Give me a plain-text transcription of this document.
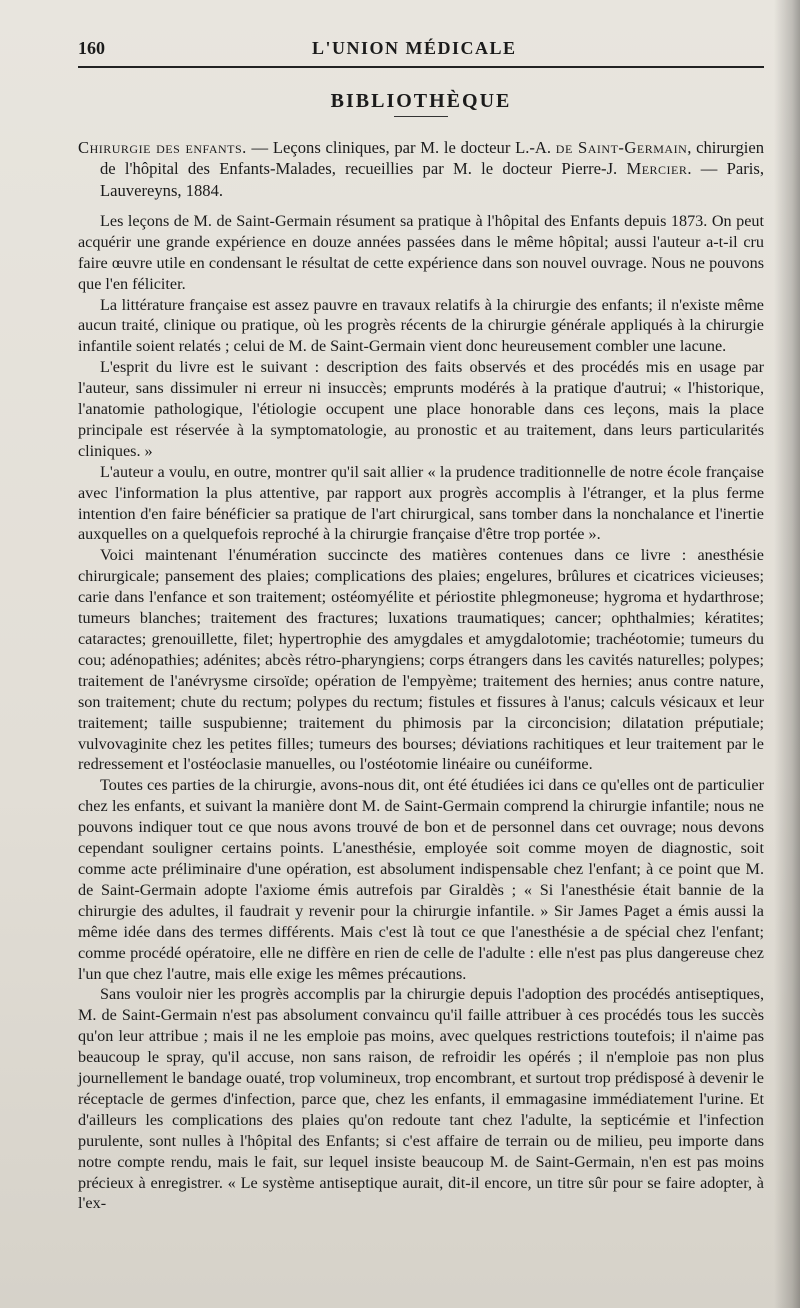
160	L'UNION MÉDICALE
BIBLIOTHÈQUE
Chirurgie des enfants. — Leçons cliniques, par M. le docteur L.-A. de Saint-Germain, chirurgien de l'hôpital des Enfants-Malades, recueillies par M. le docteur Pierre-J. Mercier. — Paris, Lauvereyns, 1884.

Les leçons de M. de Saint-Germain résument sa pratique à l'hôpital des Enfants depuis 1873. On peut acquérir une grande expérience en douze années passées dans le même hôpital; aussi l'auteur a-t-il cru faire œuvre utile en condensant le résultat de cette expérience dans son nouvel ouvrage. Nous ne pouvons que l'en féliciter.

La littérature française est assez pauvre en travaux relatifs à la chirurgie des enfants; il n'existe même aucun traité, clinique ou pratique, où les progrès récents de la chirurgie générale appliqués à la chirurgie infantile soient relatés ; celui de M. de Saint-Germain vient donc heureusement combler une lacune.

L'esprit du livre est le suivant : description des faits observés et des procédés mis en usage par l'auteur, sans dissimuler ni erreur ni insuccès; emprunts modérés à la pratique d'autrui; « l'historique, l'anatomie pathologique, l'étiologie occupent une place honorable dans ces leçons, mais la place principale est réservée à la symptomatologie, au pronostic et au traitement, dans leurs particularités cliniques. »

L'auteur a voulu, en outre, montrer qu'il sait allier « la prudence traditionnelle de notre école française avec l'information la plus attentive, par rapport aux progrès accomplis à l'étranger, et la plus ferme intention d'en faire bénéficier sa pratique de l'art chirurgical, sans tomber dans la nonchalance et l'inertie auxquelles on a quelquefois reproché à la chirurgie française d'être trop portée ».

Voici maintenant l'énumération succincte des matières contenues dans ce livre : anesthésie chirurgicale; pansement des plaies; complications des plaies; engelures, brûlures et cicatrices vicieuses; carie dans l'enfance et son traitement; ostéomyélite et périostite phlegmoneuse; hygroma et hydarthrose; tumeurs blanches; traitement des fractures; luxations traumatiques; cancer; ophthalmies; kératites; cataractes; grenouillette, filet; hypertrophie des amygdales et amygdalotomie; trachéotomie; tumeurs du cou; adénopathies; adénites; abcès rétro-pharyngiens; corps étrangers dans les cavités naturelles; polypes; traitement de l'anévrysme cirsoïde; opération de l'empyème; traitement des hernies; anus contre nature, son traitement; chute du rectum; polypes du rectum; fistules et fissures à l'anus; calculs vésicaux et leur traitement; taille suspubienne; traitement du phimosis par la circoncision; dilatation préputiale; vulvovaginite chez les petites filles; tumeurs des bourses; déviations rachitiques et leur traitement par le redressement et l'ostéoclasie manuelles, ou l'ostéotomie linéaire ou cunéiforme.

Toutes ces parties de la chirurgie, avons-nous dit, ont été étudiées ici dans ce qu'elles ont de particulier chez les enfants, et suivant la manière dont M. de Saint-Germain comprend la chirurgie infantile; nous ne pouvons indiquer tout ce que nous avons trouvé de bon et de personnel dans cet ouvrage; nous devons cependant souligner certains points. L'anesthésie, employée soit comme moyen de diagnostic, soit comme acte préliminaire d'une opération, est absolument indispensable chez l'enfant; à ce point que M. de Saint-Germain adopte l'axiome émis autrefois par Giraldès ; « Si l'anesthésie était bannie de la chirurgie des adultes, il faudrait y revenir pour la chirurgie infantile. » Sir James Paget a émis aussi la même idée dans des termes différents. Mais c'est là tout ce que l'anesthésie a de spécial chez l'enfant; comme procédé opératoire, elle ne diffère en rien de celle de l'adulte : elle n'est pas plus dangereuse chez l'un que chez l'autre, mais elle exige les mêmes précautions.

Sans vouloir nier les progrès accomplis par la chirurgie depuis l'adoption des procédés antiseptiques, M. de Saint-Germain n'est pas absolument convaincu qu'il faille attribuer à ces procédés tous les succès qu'on leur attribue ; mais il ne les emploie pas moins, avec quelques restrictions toutefois; il n'aime pas beaucoup le spray, qu'il accuse, non sans raison, de refroidir les opérés ; il n'emploie pas non plus journellement le bandage ouaté, trop volumineux, trop encombrant, et surtout trop prédisposé à devenir le réceptacle de germes d'infection, parce que, chez les enfants, il emmagasine immédiatement l'urine. Et d'ailleurs les complications des plaies qu'on redoute tant chez l'adulte, la septicémie et l'infection purulente, sont nulles à l'hôpital des Enfants; si c'est affaire de terrain ou de milieu, peu importe dans notre compte rendu, mais le fait, sur lequel insiste beaucoup M. de Saint-Germain, n'en est pas moins précieux à enregistrer. « Le système antiseptique aurait, dit-il encore, un titre sûr pour se faire adopter, à l'ex-
